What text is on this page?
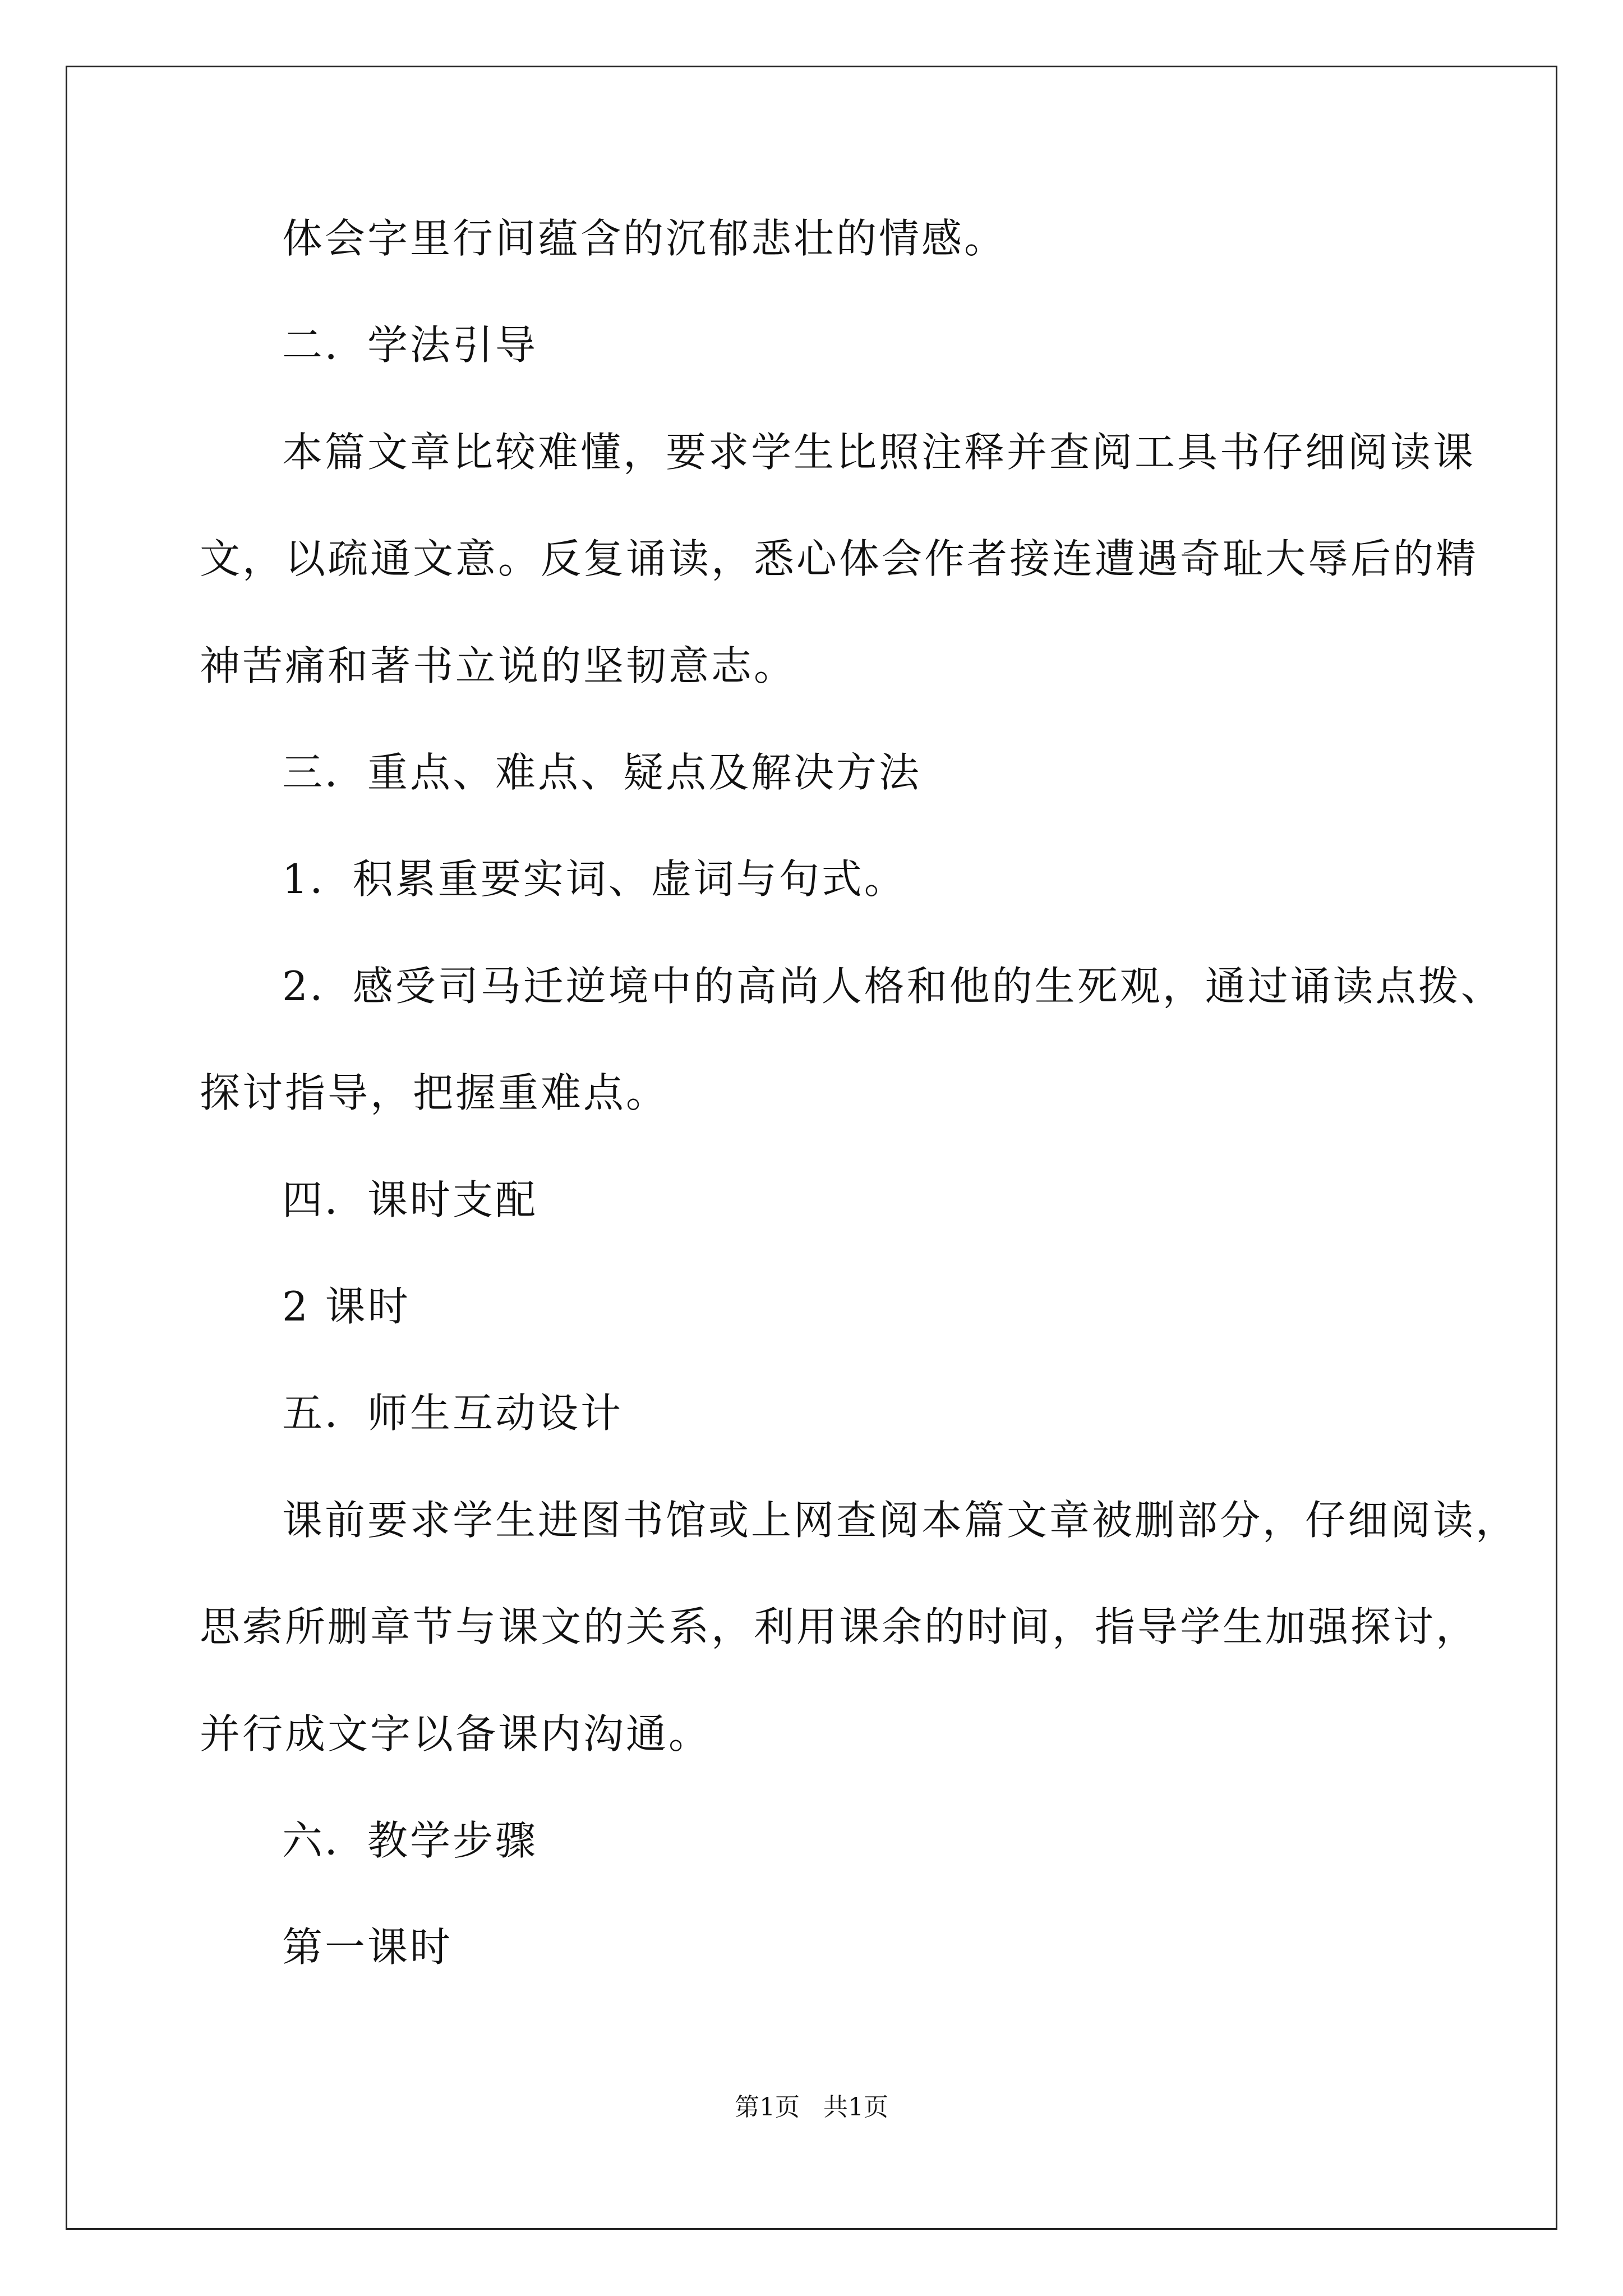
体会字里行间蕴含的沉郁悲壮的情感。
二．学法引导
本篇文章比较难懂，要求学生比照注释并查阅工具书仔细阅读课
文，以疏通文意。反复诵读，悉心体会作者接连遭遇奇耻大辱后的精
神苦痛和著书立说的坚韧意志。
三．重点、难点、疑点及解决方法
1．积累重要实词、虚词与句式。
2．感受司马迁逆境中的高尚人格和他的生死观，通过诵读点拨、
探讨指导，把握重难点。
四．课时支配
2 课时
五．师生互动设计
课前要求学生进图书馆或上网查阅本篇文章被删部分，仔细阅读，
思索所删章节与课文的关系，利用课余的时间，指导学生加强探讨，
并行成文字以备课内沟通。
六．教学步骤
第一课时
第1页 共1页
